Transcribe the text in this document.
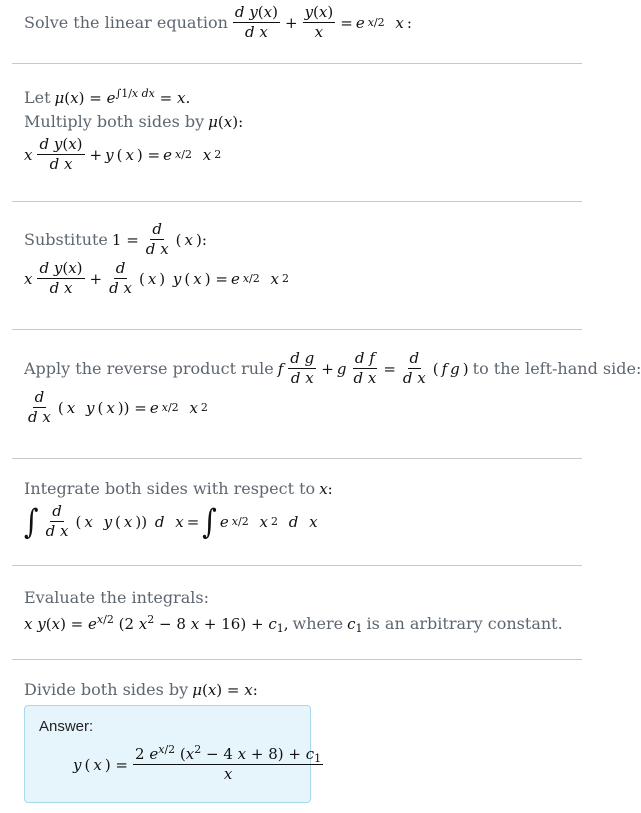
Solve the linear equation $\frac{\text{d y(x)}}{\text{d x}} + \frac{y(x)}{x} = e$ x/2
x :
Let $\mu(x) = e^{\int 1/x dx} = x$.
Multiply both sides by μ(x):
x $\frac{\text{d y(x)}}{\text{d x}} + y$ ( x ) = e x/2
x 2
Substitute $1 = \frac{d}{\text{d x}}$ ( x ):
x $\frac{\text{d y(x)}}{\text{d x}} + \frac{d}{\text{d x}}$ ( x ) y ( x ) = e x/2
x 2
Apply the reverse product rule f $\frac{\text{d g}}{\text{d x}} + g \frac{\text{d f}}{\text{d x}} = \frac{d}{\text{d x}}$ ( f g ) to the left-hand side:
$\frac{d}{\text{d x}}$ ( x
y ( x )) = e x/2
x 2
Integrate both sides with respect to x:
∫ $\frac{d}{\text{d x}}$ ( x
y ( x )) d
x = ∫ e x/2
x 2
d
x
Evaluate the integrals:
x $y(x) = e^{x/2}$ (2 $x^2 - 8$ $x + 16) + c_1$, where $c_1$ is an arbitrary constant.
Divide both sides by μ(x) = x:
Answer:
y ( x ) = $\frac{2 e^{x/2} (x^2 - 4 x + 8) + c_1}{x}$
